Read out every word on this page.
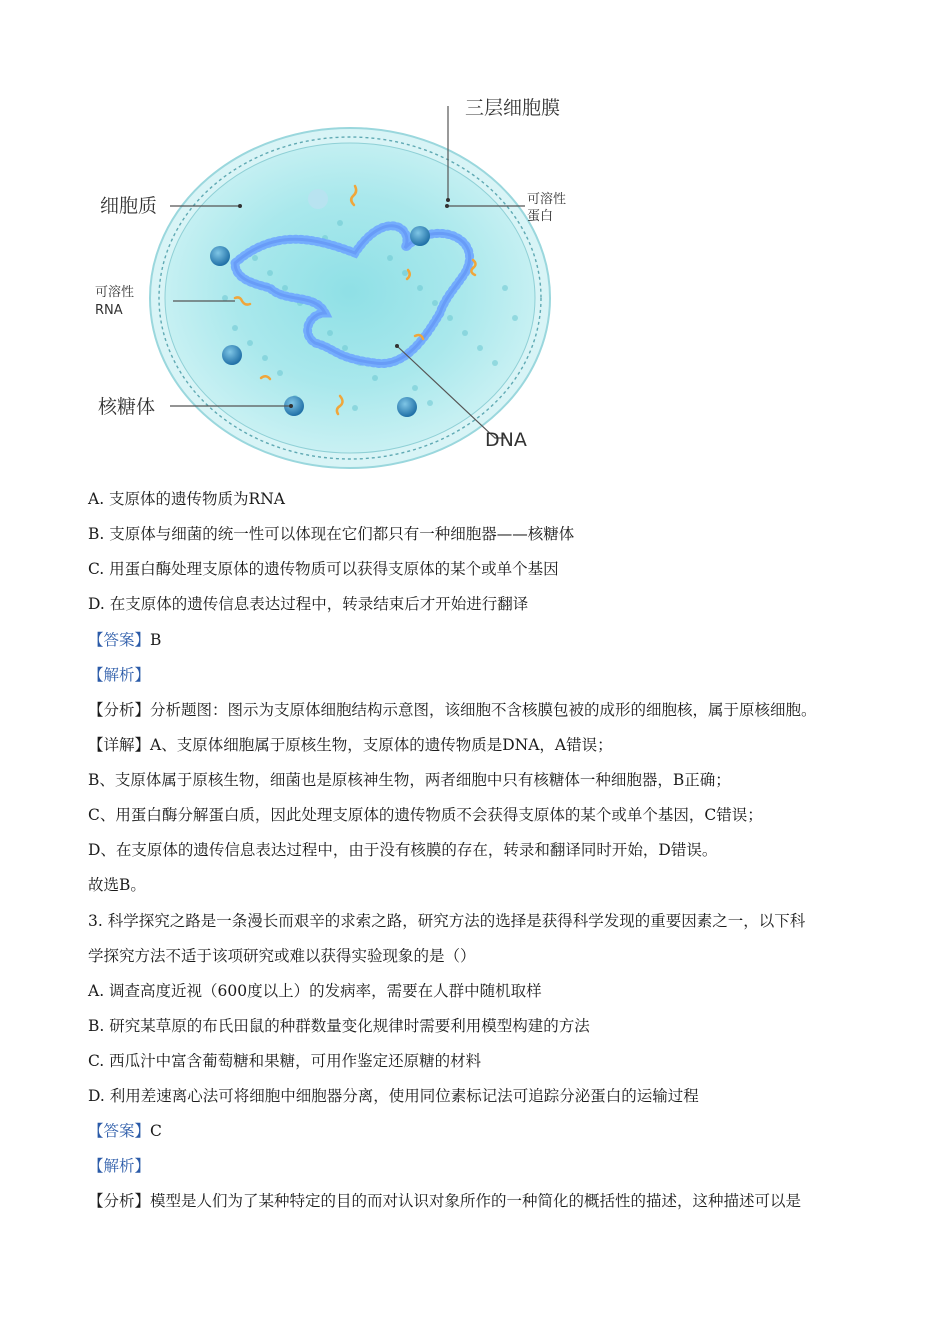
三层细胞膜
细胞质	可溶性
蛋白
可溶性
RNA
核糖体
DNA
A. 支原体的遗传物质为RNA
B. 支原体与细菌的统一性可以体现在它们都只有一种细胞器——核糖体
C. 用蛋白酶处理支原体的遗传物质可以获得支原体的某个或单个基因
D. 在支原体的遗传信息表达过程中，转录结束后才开始进行翻译
【答案】B
【解析】
【分析】分析题图：图示为支原体细胞结构示意图，该细胞不含核膜包被的成形的细胞核，属于原核细胞。
【详解】A、支原体细胞属于原核生物，支原体的遗传物质是DNA，A错误；
B、支原体属于原核生物，细菌也是原核神生物，两者细胞中只有核糖体一种细胞器，B正确；
C、用蛋白酶分解蛋白质，因此处理支原体的遗传物质不会获得支原体的某个或单个基因，C错误；
D、在支原体的遗传信息表达过程中，由于没有核膜的存在，转录和翻译同时开始，D错误。
故选B。
3. 科学探究之路是一条漫长而艰辛的求索之路，研究方法的选择是获得科学发现的重要因素之一，以下科
学探究方法不适于该项研究或难以获得实验现象的是（）
A. 调查高度近视（600度以上）的发病率，需要在人群中随机取样
B. 研究某草原的布氏田鼠的种群数量变化规律时需要利用模型构建的方法
C. 西瓜汁中富含葡萄糖和果糖，可用作鉴定还原糖的材料
D. 利用差速离心法可将细胞中细胞器分离，使用同位素标记法可追踪分泌蛋白的运输过程
【答案】C
【解析】
【分析】模型是人们为了某种特定的目的而对认识对象所作的一种简化的概括性的描述，这种描述可以是
